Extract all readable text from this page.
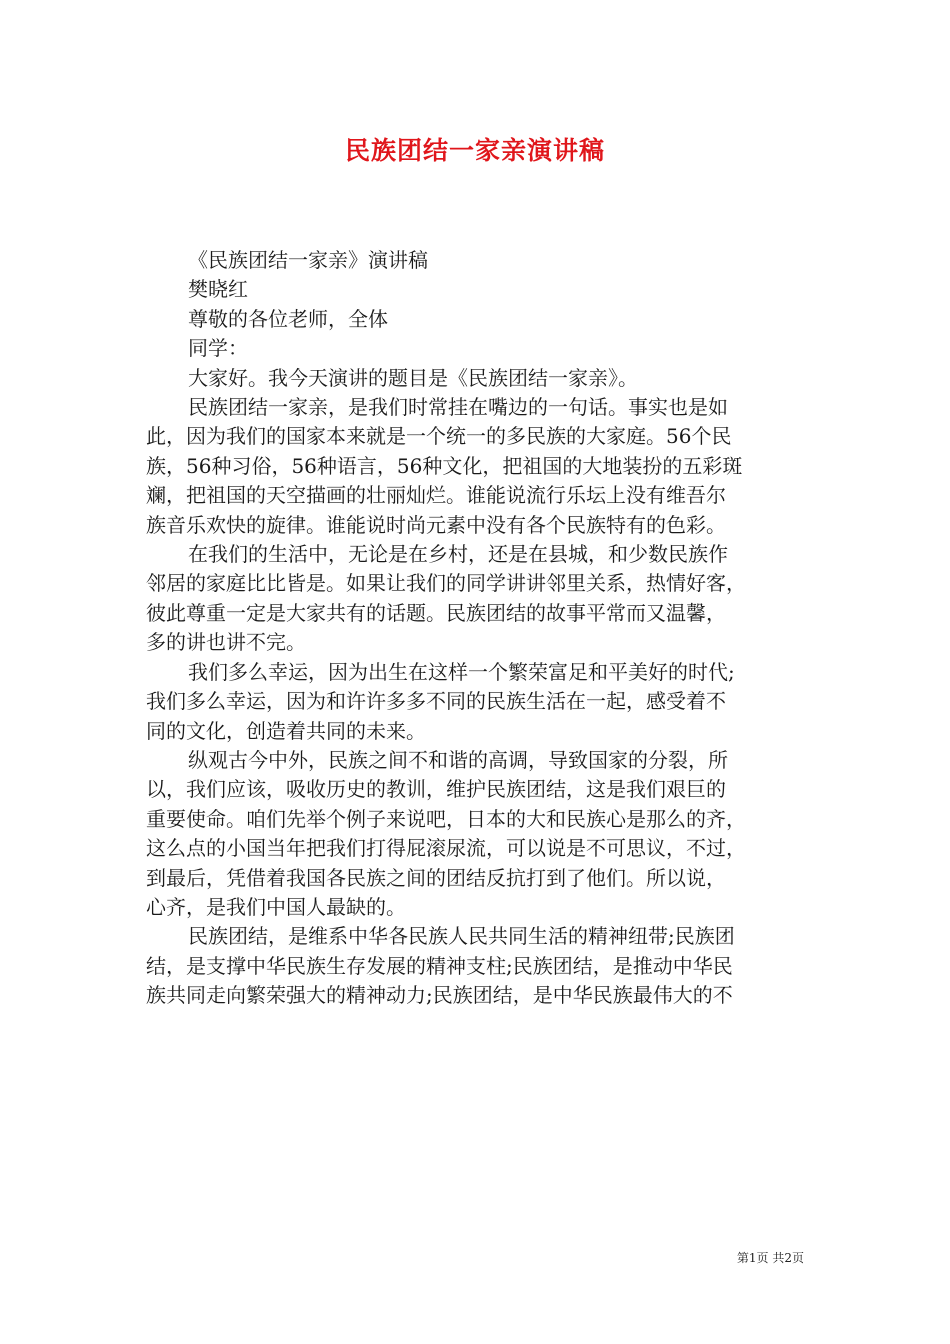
民族团结一家亲演讲稿

《民族团结一家亲》演讲稿

樊晓红

尊敬的各位老师，全体

同学：

大家好。我今天演讲的题目是《民族团结一家亲》。

民族团结一家亲，是我们时常挂在嘴边的一句话。事实也是如

此，因为我们的国家本来就是一个统一的多民族的大家庭。56个民

族，56种习俗，56种语言，56种文化，把祖国的大地装扮的五彩斑

斓，把祖国的天空描画的壮丽灿烂。谁能说流行乐坛上没有维吾尔

族音乐欢快的旋律。谁能说时尚元素中没有各个民族特有的色彩。

在我们的生活中，无论是在乡村，还是在县城，和少数民族作

邻居的家庭比比皆是。如果让我们的同学讲讲邻里关系，热情好客，

彼此尊重一定是大家共有的话题。民族团结的故事平常而又温馨，

多的讲也讲不完。

我们多么幸运，因为出生在这样一个繁荣富足和平美好的时代;

我们多么幸运，因为和许许多多不同的民族生活在一起，感受着不

同的文化，创造着共同的未来。

纵观古今中外，民族之间不和谐的高调，导致国家的分裂，所

以，我们应该，吸收历史的教训，维护民族团结，这是我们艰巨的

重要使命。咱们先举个例子来说吧，日本的大和民族心是那么的齐，

这么点的小国当年把我们打得屁滚尿流，可以说是不可思议，不过，

到最后，凭借着我国各民族之间的团结反抗打到了他们。所以说，

心齐，是我们中国人最缺的。

民族团结，是维系中华各民族人民共同生活的精神纽带;民族团

结，是支撑中华民族生存发展的精神支柱;民族团结，是推动中华民

族共同走向繁荣强大的精神动力;民族团结，是中华民族最伟大的不

第1页 共2页
